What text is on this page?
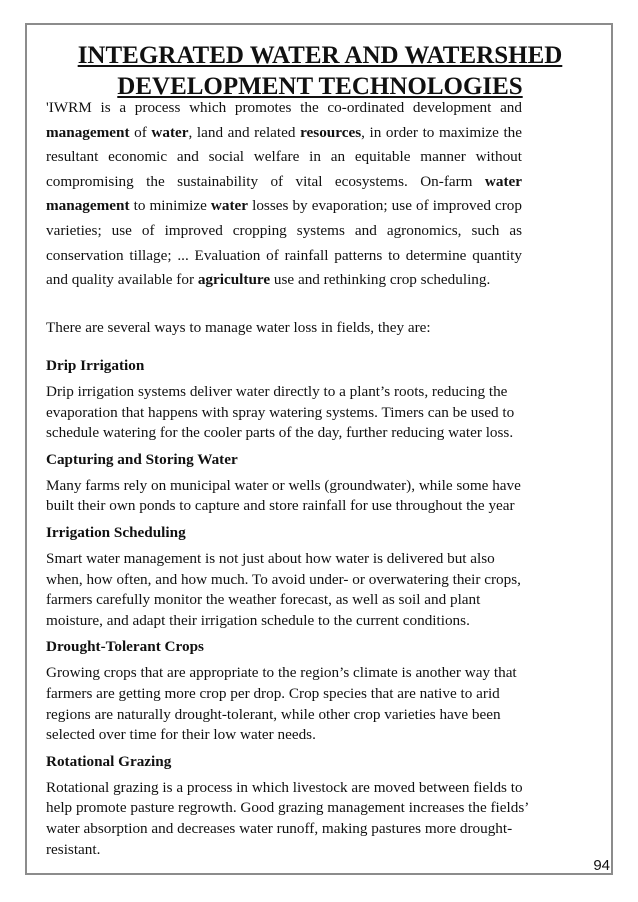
INTEGRATED WATER AND WATERSHED
DEVELOPMENT TECHNOLOGIES

'IWRM is a process which promotes the co-ordinated development and management of water, land and related resources, in order to maximize the resultant economic and social welfare in an equitable manner without compromising the sustainability of vital ecosystems. On-farm water management to minimize water losses by evaporation; use of improved crop varieties; use of improved cropping systems and agronomics, such as conservation tillage; ... Evaluation of rainfall patterns to determine quantity and quality available for agriculture use and rethinking crop scheduling.

There are several ways to manage water loss in fields, they are:

Drip Irrigation

Drip irrigation systems deliver water directly to a plant’s roots, reducing the
evaporation that happens with spray watering systems. Timers can be used to
schedule watering for the cooler parts of the day, further reducing water loss.

Capturing and Storing Water

Many farms rely on municipal water or wells (groundwater), while some have
built their own ponds to capture and store rainfall for use throughout the year

Irrigation Scheduling

Smart water management is not just about how water is delivered but also
when, how often, and how much. To avoid under- or overwatering their crops,
farmers carefully monitor the weather forecast, as well as soil and plant
moisture, and adapt their irrigation schedule to the current conditions.

Drought-Tolerant Crops

Growing crops that are appropriate to the region’s climate is another way that
farmers are getting more crop per drop. Crop species that are native to arid
regions are naturally drought-tolerant, while other crop varieties have been
selected over time for their low water needs.

Rotational Grazing

Rotational grazing is a process in which livestock are moved between fields to
help promote pasture regrowth. Good grazing management increases the fields’
water absorption and decreases water runoff, making pastures more drought-
resistant.

94
